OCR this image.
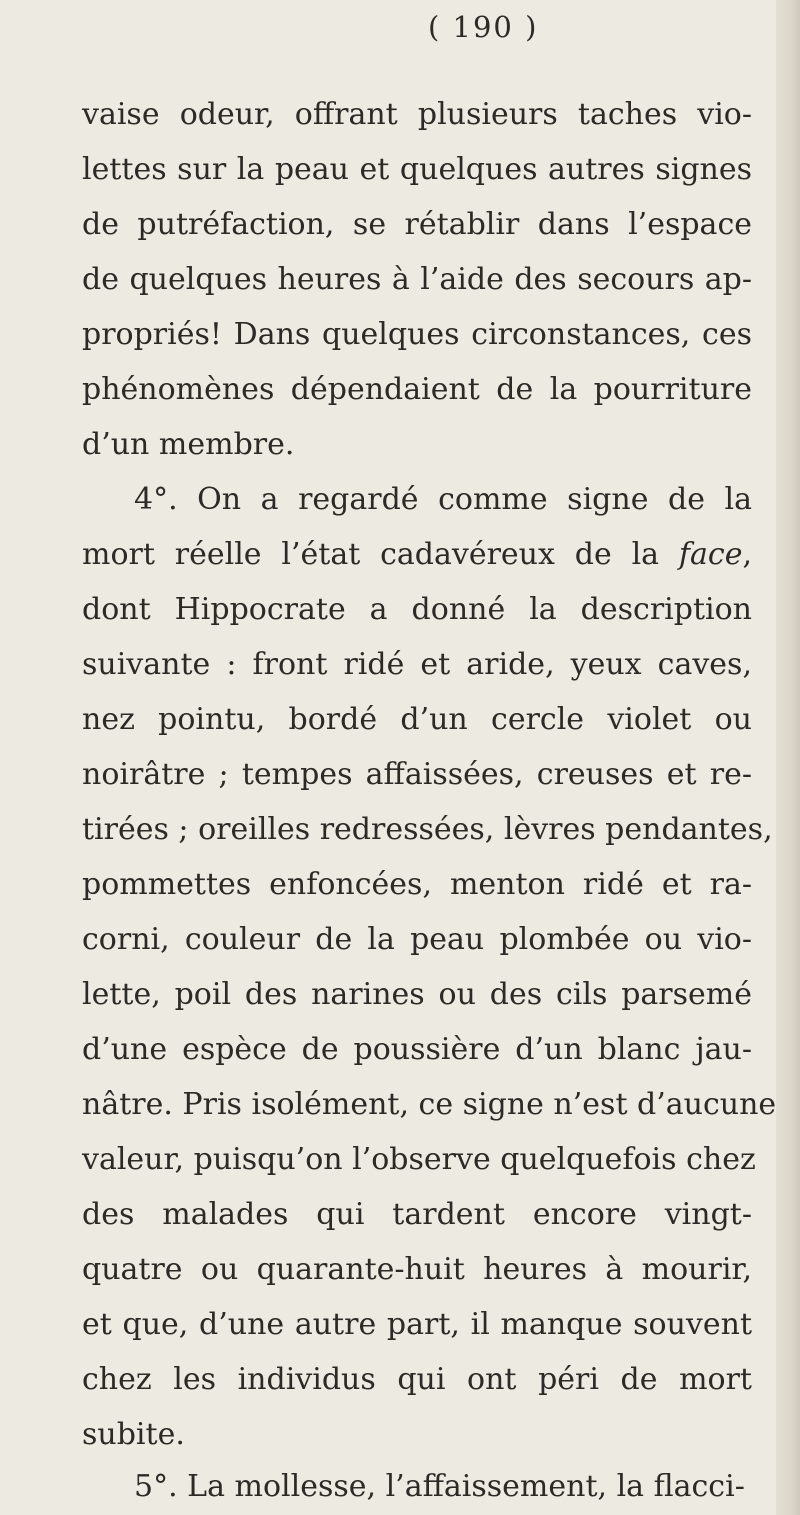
( 190 )
vaise odeur, offrant plusieurs taches vio-
lettes sur la peau et quelques autres signes
de putréfaction, se rétablir dans l’espace
de quelques heures à l’aide des secours ap-
propriés! Dans quelques circonstances, ces
phénomènes dépendaient de la pourriture
d’un membre.
4°. On a regardé comme signe de la
mort réelle l’état cadavéreux de la face,
dont Hippocrate a donné la description
suivante : front ridé et aride, yeux caves,
nez pointu, bordé d’un cercle violet ou
noirâtre ; tempes affaissées, creuses et re-
tirées ; oreilles redressées, lèvres pendantes,
pommettes enfoncées, menton ridé et ra-
corni, couleur de la peau plombée ou vio-
lette, poil des narines ou des cils parsemé
d’une espèce de poussière d’un blanc jau-
nâtre. Pris isolément, ce signe n’est d’aucune
valeur, puisqu’on l’observe quelquefois chez
des malades qui tardent encore vingt-
quatre ou quarante-huit heures à mourir,
et que, d’une autre part, il manque souvent
chez les individus qui ont péri de mort
subite.
5°. La mollesse, l’affaissement, la flacci-
